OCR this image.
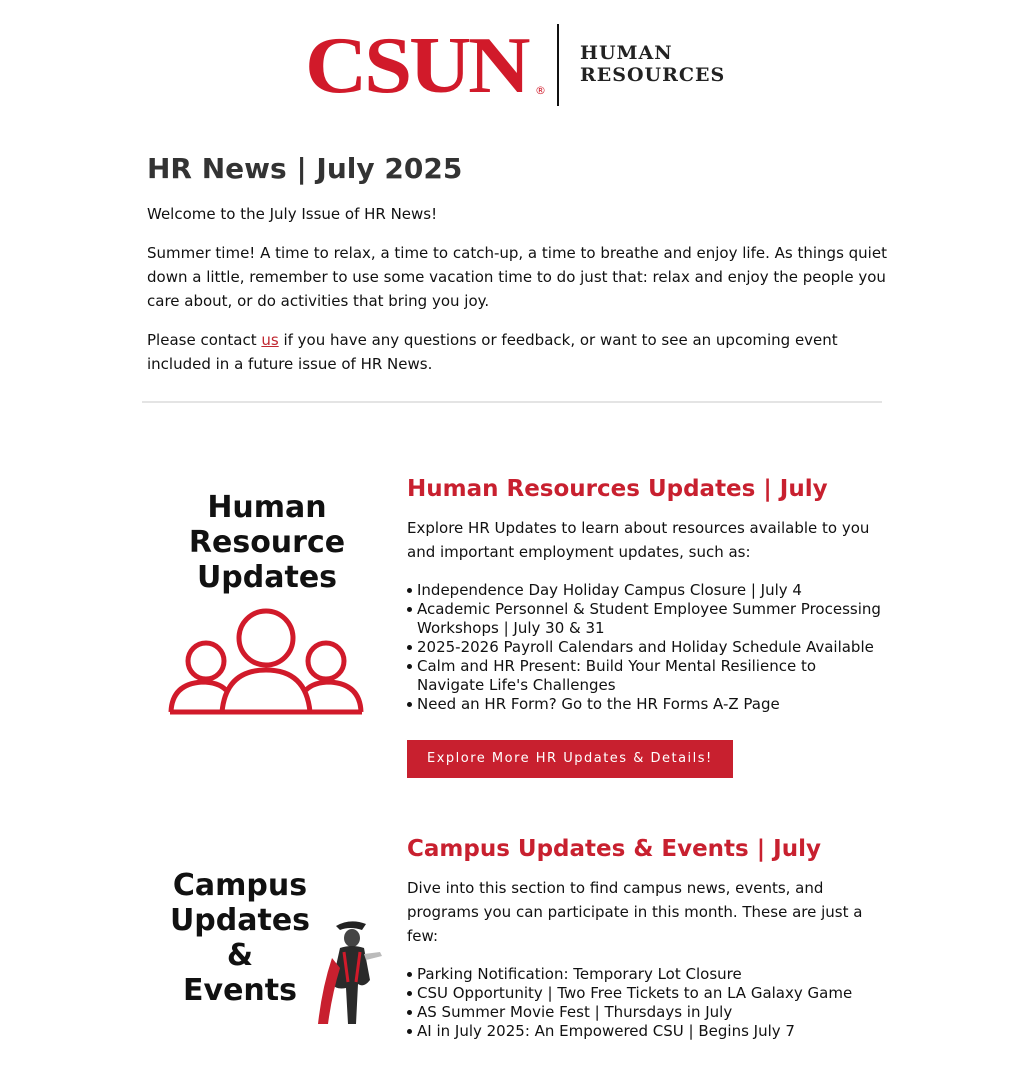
CSUN ®
HUMAN
RESOURCES
HR News | July 2025

Welcome to the July Issue of HR News!

Summer time! A time to relax, a time to catch-up, a time to breathe and enjoy life. As things quiet down a little, remember to use some vacation time to do just that: relax and enjoy the people you care about, or do activities that bring you joy.

Please contact us if you have any questions or feedback, or want to see an upcoming event included in a future issue of HR News.

Human
Resource
Updates
Human Resources Updates | July

Explore HR Updates to learn about resources available to you and important employment updates, such as:

Independence Day Holiday Campus Closure | July 4
Academic Personnel & Student Employee Summer Processing Workshops | July 30 & 31
2025-2026 Payroll Calendars and Holiday Schedule Available
Calm and HR Present: Build Your Mental Resilience to Navigate Life's Challenges
Need an HR Form? Go to the HR Forms A-Z Page
Explore More HR Updates & Details!
Campus
Updates
&
Events
Campus Updates & Events | July

Dive into this section to find campus news, events, and programs you can participate in this month. These are just a few:

Parking Notification: Temporary Lot Closure
CSU Opportunity | Two Free Tickets to an LA Galaxy Game
AS Summer Movie Fest | Thursdays in July
AI in July 2025: An Empowered CSU | Begins July 7
